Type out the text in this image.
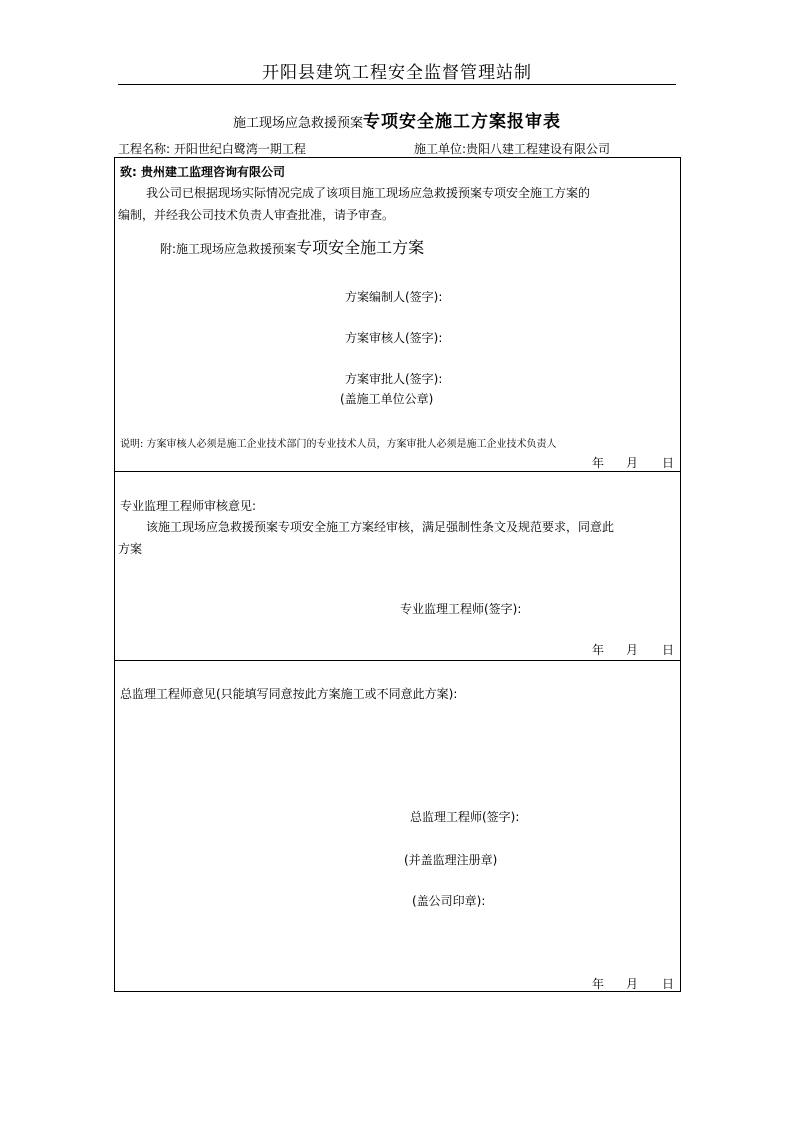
开阳县建筑工程安全监督管理站制
施工现场应急救援预案专项安全施工方案报审表
工程名称: 开阳世纪白鹭湾一期工程	施工单位:贵阳八建工程建设有限公司
致: 贵州建工监理咨询有限公司
我公司已根据现场实际情况完成了该项目施工现场应急救援预案专项安全施工方案的
编制，并经我公司技术负责人审查批准，请予审查。
附:施工现场应急救援预案专项安全施工方案
方案编制人(签字):
方案审核人(签字):
方案审批人(签字):
(盖施工单位公章)
说明: 方案审核人必须是施工企业技术部门的专业技术人员，方案审批人必须是施工企业技术负责人
年 月 日
专业监理工程师审核意见:
该施工现场应急救援预案专项安全施工方案经审核，满足强制性条文及规范要求，同意此
方案
专业监理工程师(签字):
年 月 日
总监理工程师意见(只能填写同意按此方案施工或不同意此方案):
总监理工程师(签字):
(并盖监理注册章)
(盖公司印章):
年 月 日
